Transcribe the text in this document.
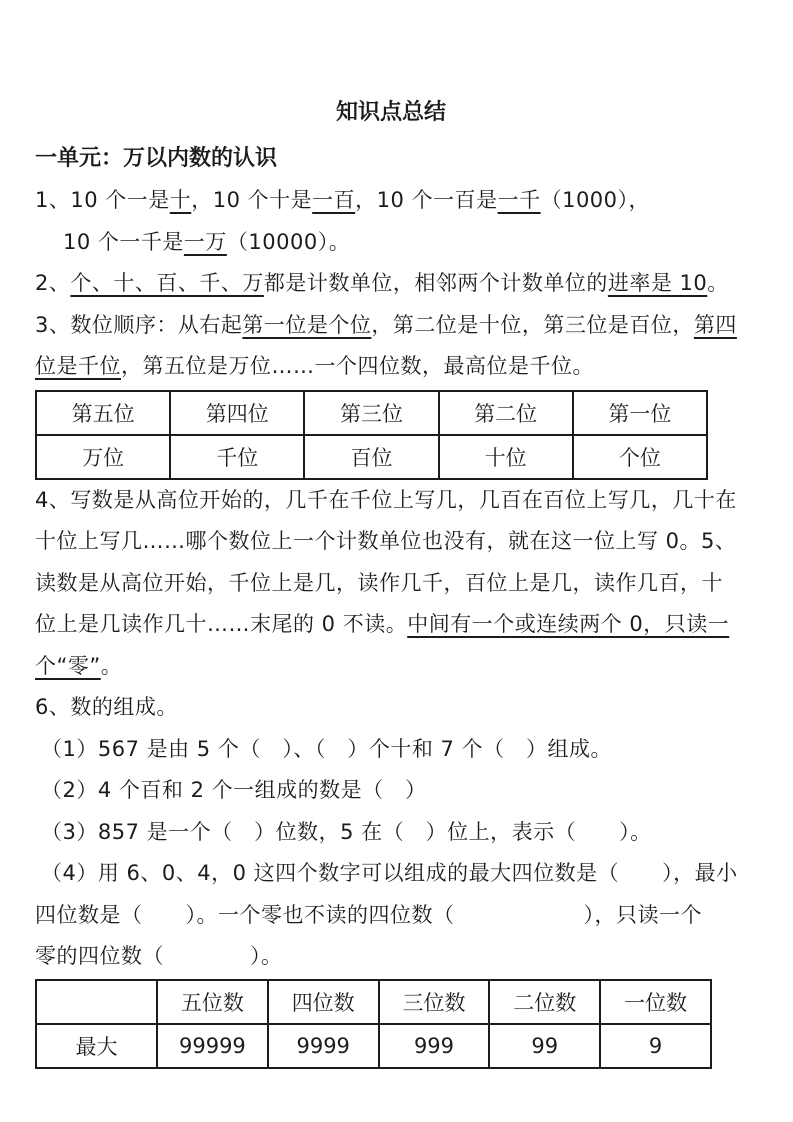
知识点总结
一单元：万以内数的认识
1、10 个一是十，10 个十是一百，10 个一百是一千（1000），
10 个一千是一万（10000）。
2、个、十、百、千、万都是计数单位，相邻两个计数单位的进率是 10。
3、数位顺序：从右起第一位是个位，第二位是十位，第三位是百位，第四
位是千位，第五位是万位……一个四位数，最高位是千位。
第五位	第四位	第三位	第二位	第一位
万位	千位	百位	十位	个位
4、写数是从高位开始的，几千在千位上写几，几百在百位上写几，几十在
十位上写几……哪个数位上一个计数单位也没有，就在这一位上写 0。5、
读数是从高位开始，千位上是几，读作几千，百位上是几，读作几百，十
位上是几读作几十……末尾的 0 不读。中间有一个或连续两个 0，只读一
个“零”。
6、数的组成。
（1）567 是由 5 个（　）、（　）个十和 7 个（　）组成。
（2）4 个百和 2 个一组成的数是（　）
（3）857 是一个（　）位数，5 在（　）位上，表示（　　）。
（4）用 6、0、4，0 这四个数字可以组成的最大四位数是（　　），最小
四位数是（　　）。一个零也不读的四位数（　　　　　　），只读一个
零的四位数（　　　　）。
	五位数	四位数	三位数	二位数	一位数
最大	99999	9999	999	99	9
